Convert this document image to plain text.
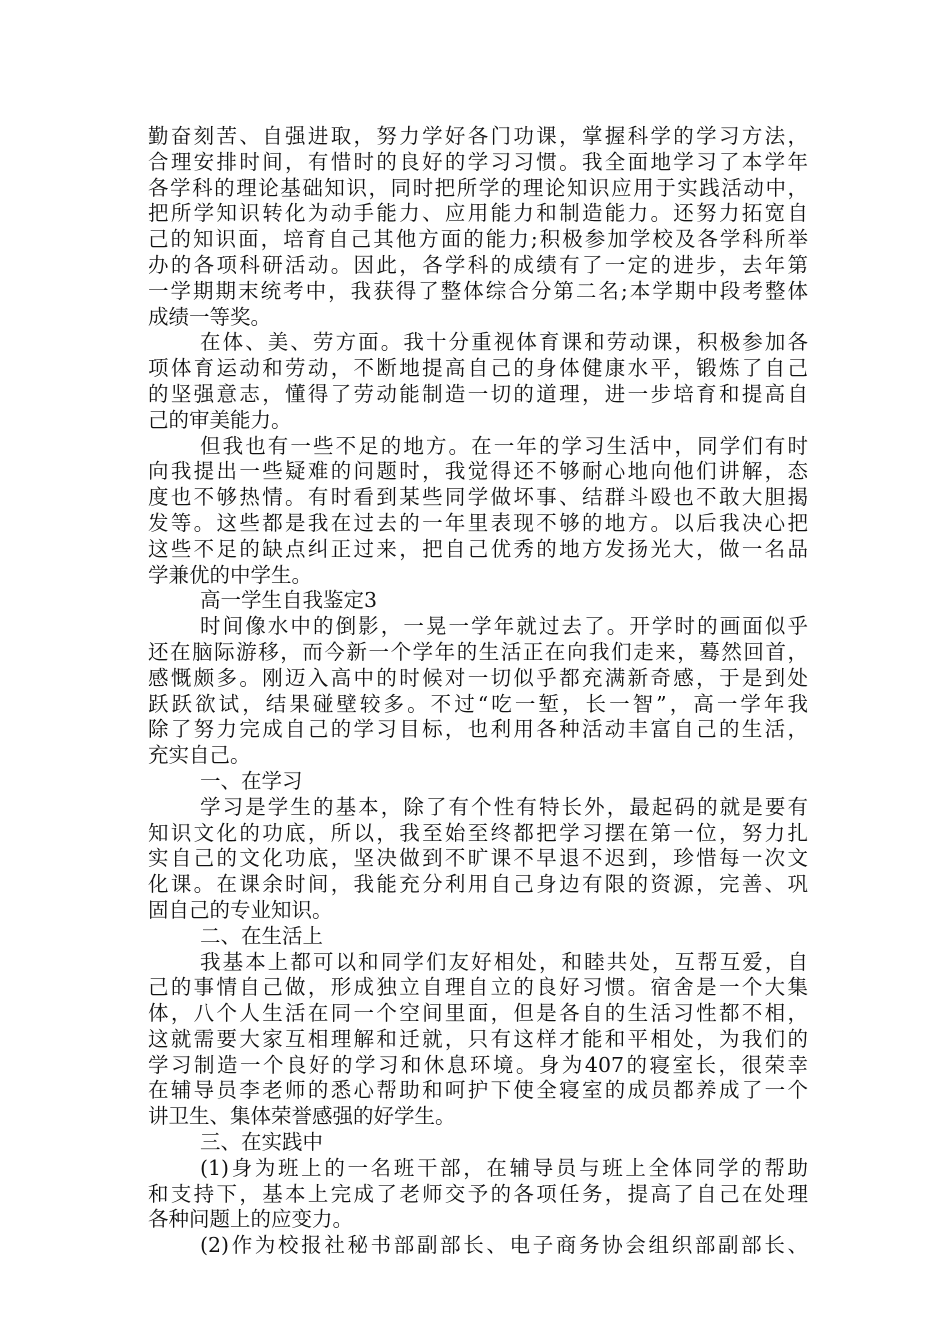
勤奋刻苦、自强进取，努力学好各门功课，掌握科学的学习方法，
合理安排时间，有惜时的良好的学习习惯。我全面地学习了本学年
各学科的理论基础知识，同时把所学的理论知识应用于实践活动中，
把所学知识转化为动手能力、应用能力和制造能力。还努力拓宽自
己的知识面，培育自己其他方面的能力;积极参加学校及各学科所举
办的各项科研活动。因此，各学科的成绩有了一定的进步，去年第
一学期期末统考中，我获得了整体综合分第二名;本学期中段考整体
成绩一等奖。
在体、美、劳方面。我十分重视体育课和劳动课，积极参加各
项体育运动和劳动，不断地提高自己的身体健康水平，锻炼了自己
的坚强意志，懂得了劳动能制造一切的道理，进一步培育和提高自
己的审美能力。
但我也有一些不足的地方。在一年的学习生活中，同学们有时
向我提出一些疑难的问题时，我觉得还不够耐心地向他们讲解，态
度也不够热情。有时看到某些同学做坏事、结群斗殴也不敢大胆揭
发等。这些都是我在过去的一年里表现不够的地方。以后我决心把
这些不足的缺点纠正过来，把自己优秀的地方发扬光大，做一名品
学兼优的中学生。
高一学生自我鉴定3
时间像水中的倒影，一晃一学年就过去了。开学时的画面似乎
还在脑际游移，而今新一个学年的生活正在向我们走来，蓦然回首，
感慨颇多。刚迈入高中的时候对一切似乎都充满新奇感，于是到处
跃跃欲试，结果碰壁较多。不过“吃一堑，长一智”，高一学年我
除了努力完成自己的学习目标，也利用各种活动丰富自己的生活，
充实自己。
一、在学习
学习是学生的基本，除了有个性有特长外，最起码的就是要有
知识文化的功底，所以，我至始至终都把学习摆在第一位，努力扎
实自己的文化功底，坚决做到不旷课不早退不迟到，珍惜每一次文
化课。在课余时间，我能充分利用自己身边有限的资源，完善、巩
固自己的专业知识。
二、在生活上
我基本上都可以和同学们友好相处，和睦共处，互帮互爱，自
己的事情自己做，形成独立自理自立的良好习惯。宿舍是一个大集
体，八个人生活在同一个空间里面，但是各自的生活习性都不相，
这就需要大家互相理解和迁就，只有这样才能和平相处，为我们的
学习制造一个良好的学习和休息环境。身为407的寝室长，很荣幸
在辅导员李老师的悉心帮助和呵护下使全寝室的成员都养成了一个
讲卫生、集体荣誉感强的好学生。
三、在实践中
(1)身为班上的一名班干部，在辅导员与班上全体同学的帮助
和支持下，基本上完成了老师交予的各项任务，提高了自己在处理
各种问题上的应变力。
(2)作为校报社秘书部副部长、电子商务协会组织部副部长、
